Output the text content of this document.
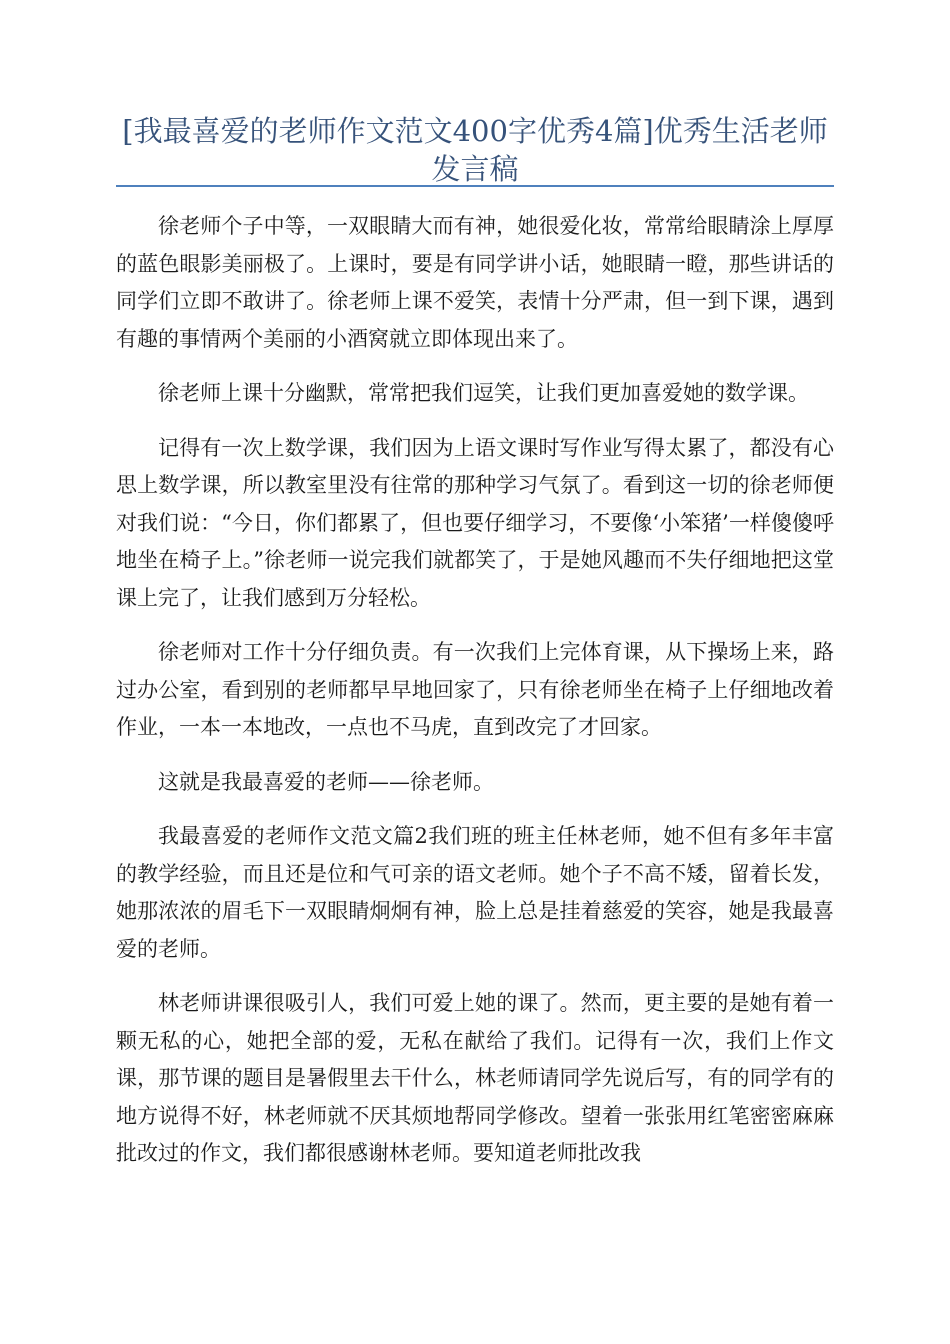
[我最喜爱的老师作文范文400字优秀4篇]优秀生活老师发言稿

徐老师个子中等，一双眼睛大而有神，她很爱化妆，常常给眼睛涂上厚厚的蓝色眼影美丽极了。上课时，要是有同学讲小话，她眼睛一瞪，那些讲话的同学们立即不敢讲了。徐老师上课不爱笑，表情十分严肃，但一到下课，遇到有趣的事情两个美丽的小酒窝就立即体现出来了。

徐老师上课十分幽默，常常把我们逗笑，让我们更加喜爱她的数学课。

记得有一次上数学课，我们因为上语文课时写作业写得太累了，都没有心思上数学课，所以教室里没有往常的那种学习气氛了。看到这一切的徐老师便对我们说：“今日，你们都累了，但也要仔细学习，不要像‘小笨猪’一样傻傻呼地坐在椅子上。”徐老师一说完我们就都笑了，于是她风趣而不失仔细地把这堂课上完了，让我们感到万分轻松。

徐老师对工作十分仔细负责。有一次我们上完体育课，从下操场上来，路过办公室，看到别的老师都早早地回家了，只有徐老师坐在椅子上仔细地改着作业，一本一本地改，一点也不马虎，直到改完了才回家。

这就是我最喜爱的老师——徐老师。

我最喜爱的老师作文范文篇2我们班的班主任林老师，她不但有多年丰富的教学经验，而且还是位和气可亲的语文老师。她个子不高不矮，留着长发，她那浓浓的眉毛下一双眼睛炯炯有神，脸上总是挂着慈爱的笑容，她是我最喜爱的老师。

林老师讲课很吸引人，我们可爱上她的课了。然而，更主要的是她有着一颗无私的心，她把全部的爱，无私在献给了我们。记得有一次，我们上作文课，那节课的题目是暑假里去干什么，林老师请同学先说后写，有的同学有的地方说得不好，林老师就不厌其烦地帮同学修改。望着一张张用红笔密密麻麻批改过的作文，我们都很感谢林老师。要知道老师批改我
